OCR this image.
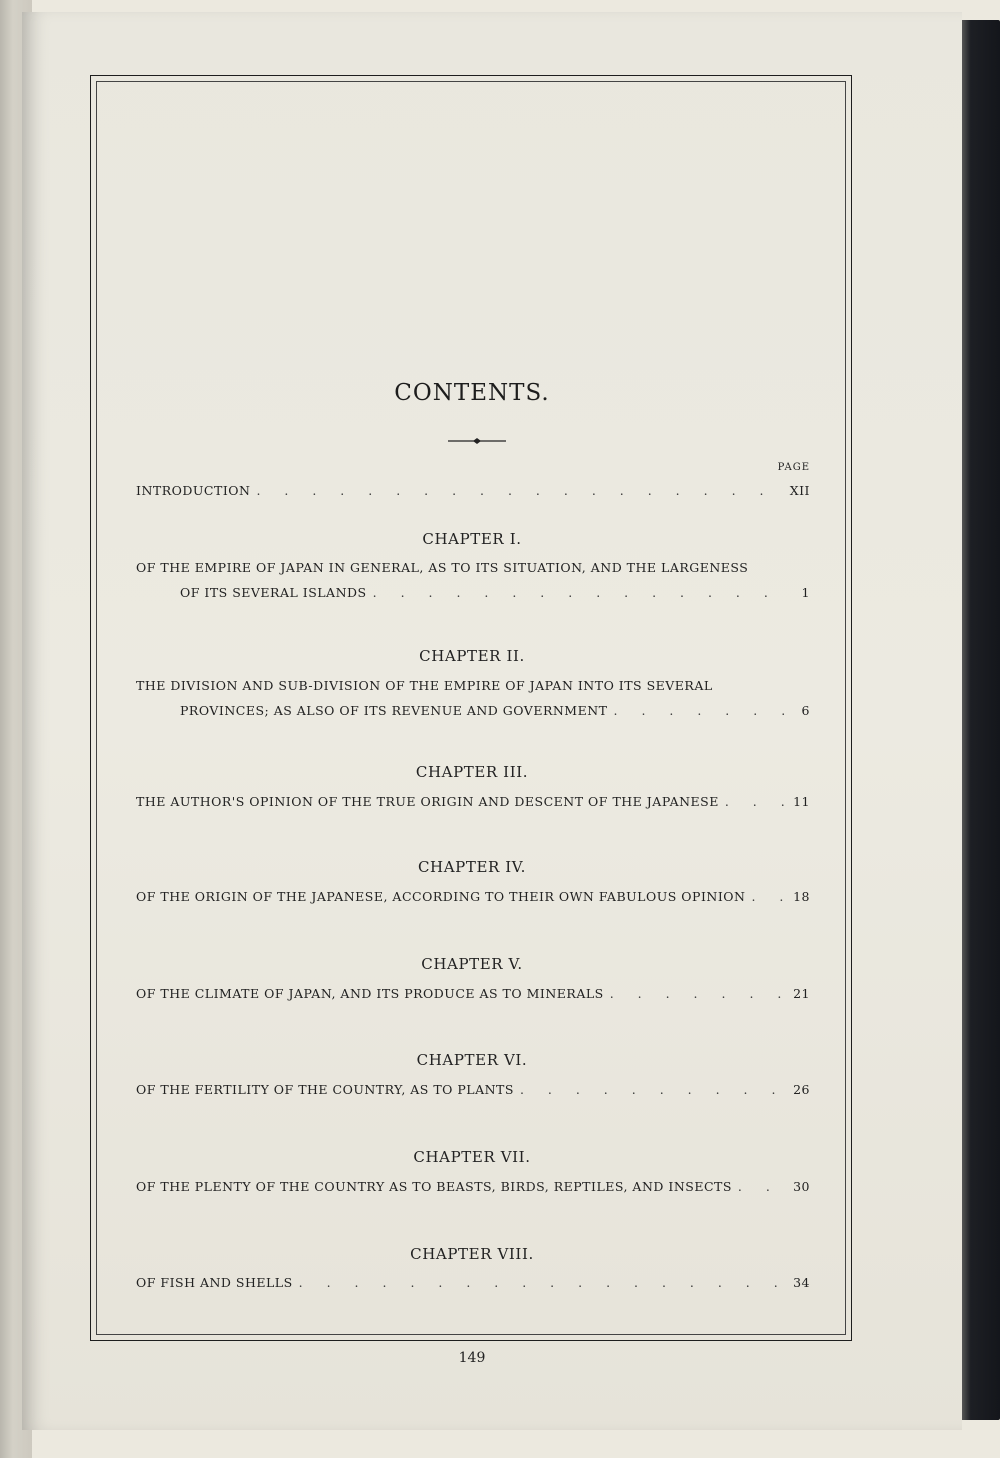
CONTENTS.
PAGE
INTRODUCTION . . .	XII
CHAPTER I.
OF THE EMPIRE OF JAPAN IN GENERAL, AS TO ITS SITUATION, AND THE LARGENESS
OF ITS SEVERAL ISLANDS . . .	1
CHAPTER II.
THE DIVISION AND SUB-DIVISION OF THE EMPIRE OF JAPAN INTO ITS SEVERAL
PROVINCES; AS ALSO OF ITS REVENUE AND GOVERNMENT . . .	6
CHAPTER III.
THE AUTHOR'S OPINION OF THE TRUE ORIGIN AND DESCENT OF THE JAPANESE . . .	11
CHAPTER IV.
OF THE ORIGIN OF THE JAPANESE, ACCORDING TO THEIR OWN FABULOUS OPINION . . .	18
CHAPTER V.
OF THE CLIMATE OF JAPAN, AND ITS PRODUCE AS TO MINERALS . . .	21
CHAPTER VI.
OF THE FERTILITY OF THE COUNTRY, AS TO PLANTS . . .	26
CHAPTER VII.
OF THE PLENTY OF THE COUNTRY AS TO BEASTS, BIRDS, REPTILES, AND INSECTS . . .	30
CHAPTER VIII.
OF FISH AND SHELLS . . .	34
149
